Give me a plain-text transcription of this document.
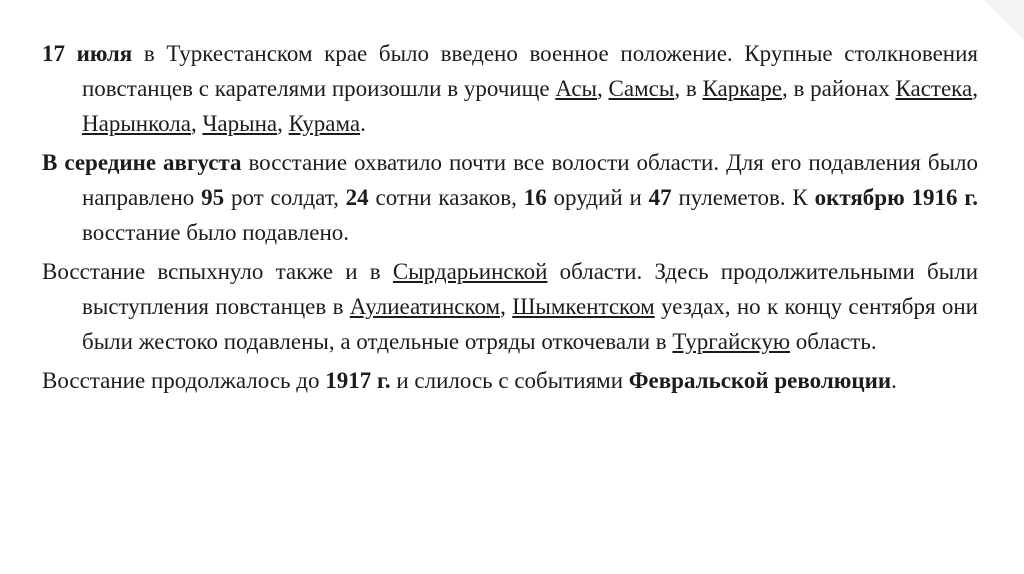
17 июля в Туркестанском крае было введено военное положение. Крупные столкновения повстанцев с карателями произошли в урочище Асы, Самсы, в Каркаре, в районах Кастека, Нарынкола, Чарына, Курама.

В середине августа восстание охватило почти все волости области. Для его подавления было направлено 95 рот солдат, 24 сотни казаков, 16 орудий и 47 пулеметов. К октябрю 1916 г. восстание было подавлено.

Восстание вспыхнуло также и в Сырдарьинской области. Здесь продолжительными были выступления повстанцев в Аулиеатинском, Шымкентском уездах, но к концу сентября они были жестоко подавлены, а отдельные отряды откочевали в Тургайскую область.

Восстание продолжалось до 1917 г. и слилось с событиями Февральской революции.
